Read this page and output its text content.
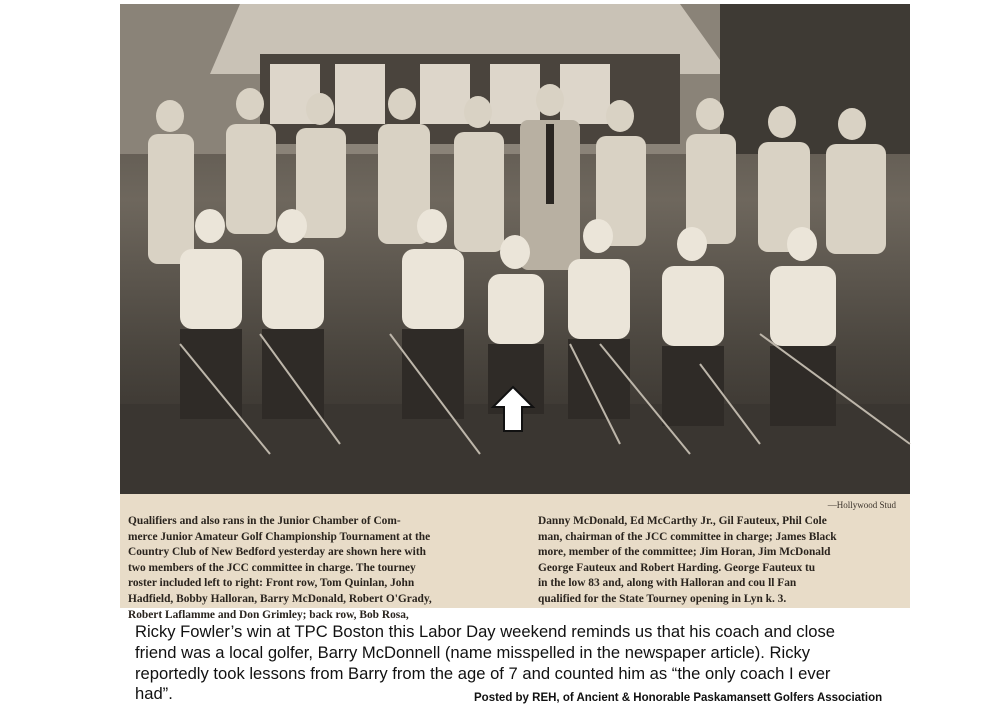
—Hollywood Stud
Qualifiers and also rans in the Junior Chamber of Com-
merce Junior Amateur Golf Championship Tournament at the
Country Club of New Bedford yesterday are shown here with
two members of the JCC committee in charge. The tourney
roster included left to right: Front row, Tom Quinlan, John
Hadfield, Bobby Halloran, Barry McDonald, Robert O'Grady,
Robert Laflamme and Don Grimley; back row, Bob Rosa,
Danny McDonald, Ed McCarthy Jr., Gil Fauteux, Phil Cole
man, chairman of the JCC committee in charge; James Black
more, member of the committee; Jim Horan, Jim McDonald
George Fauteux and Robert Harding. George Fauteux tu
in the low 83 and, along with Halloran and cou ll Fan
qualified for the State Tourney opening in Lyn k. 3.
Ricky Fowler’s win at TPC Boston this Labor Day weekend reminds us that his coach and close
friend was a local golfer, Barry McDonnell (name misspelled in the newspaper article). Ricky
reportedly took lessons from Barry from the age of 7 and counted him as “the only coach I ever
had”.	Posted by REH, of Ancient & Honorable Paskamansett Golfers Association
